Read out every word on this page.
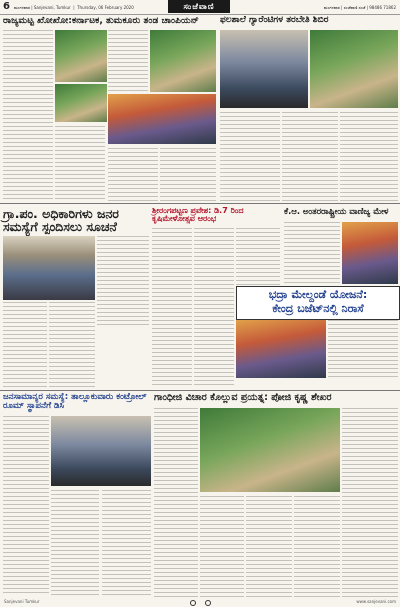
6 ಮಂಗಳವಾರ | Sanjevani, Tumkur  |  Thursday, 06 February 2020	ಸಂಜೆವಾಣಿ	ಮಂಗಳವಾರ | ಸಂಜೆವಾಣಿ ಸಂಜೆ | 98486 71862
ರಾಜ್ಯಮಟ್ಟ ಖೋಖೋ:ಕರ್ನಾಟಕ, ತುಮಕೂರು ತಂಡ ಚಾಂಪಿಯನ್	ಫಲಶಾಲೆ ಗ್ಯಾರೆಂಟಿಗಳ ತರಬೇತಿ ಶಿಬಿರ
ಗ್ರಾ.ಪಂ. ಅಧಿಕಾರಿಗಳು ಜನರ ಸಮಸ್ಯೆಗೆ ಸ್ಪಂದಿಸಲು ಸೂಚನೆ
ಶ್ರೀರಂಗಪಟ್ಟಣ ಪ್ರವೇಶ: ಡಿ.7 ರಿಂದ ಕೃಷಿಮೇಳೋತ್ಸವ ಆರಂಭ
ಕೆ.ಆ. ಅಂತರರಾಷ್ಟ್ರೀಯ ವಾಣಿಜ್ಯ ಮೇಳ
ಭದ್ರಾ ಮೇಲ್ದಂಡೆ ಯೋಜನೆ:
ಕೇಂದ್ರ ಬಜೆಟ್‌ನಲ್ಲಿ ನಿರಾಸೆ
ಜನಸಾಮಾನ್ಯರ ಸಮಸ್ಯೆ: ತಾಲ್ಲೂಕುವಾರು ಕಂಟ್ರೋಲ್ ರೂಮ್ ಸ್ಥಾಪನೆಗೆ ಡಿಸಿ
ಗಾಂಧೀಜಿ ವಿಚಾರ ಕೊಲ್ಲುವ ಪ್ರಯತ್ನ: ಪೋಜಿ ಕೃಷ್ಣ ಶೇಖರ
Sanjevani Tumkur	www.sanjevani.com
